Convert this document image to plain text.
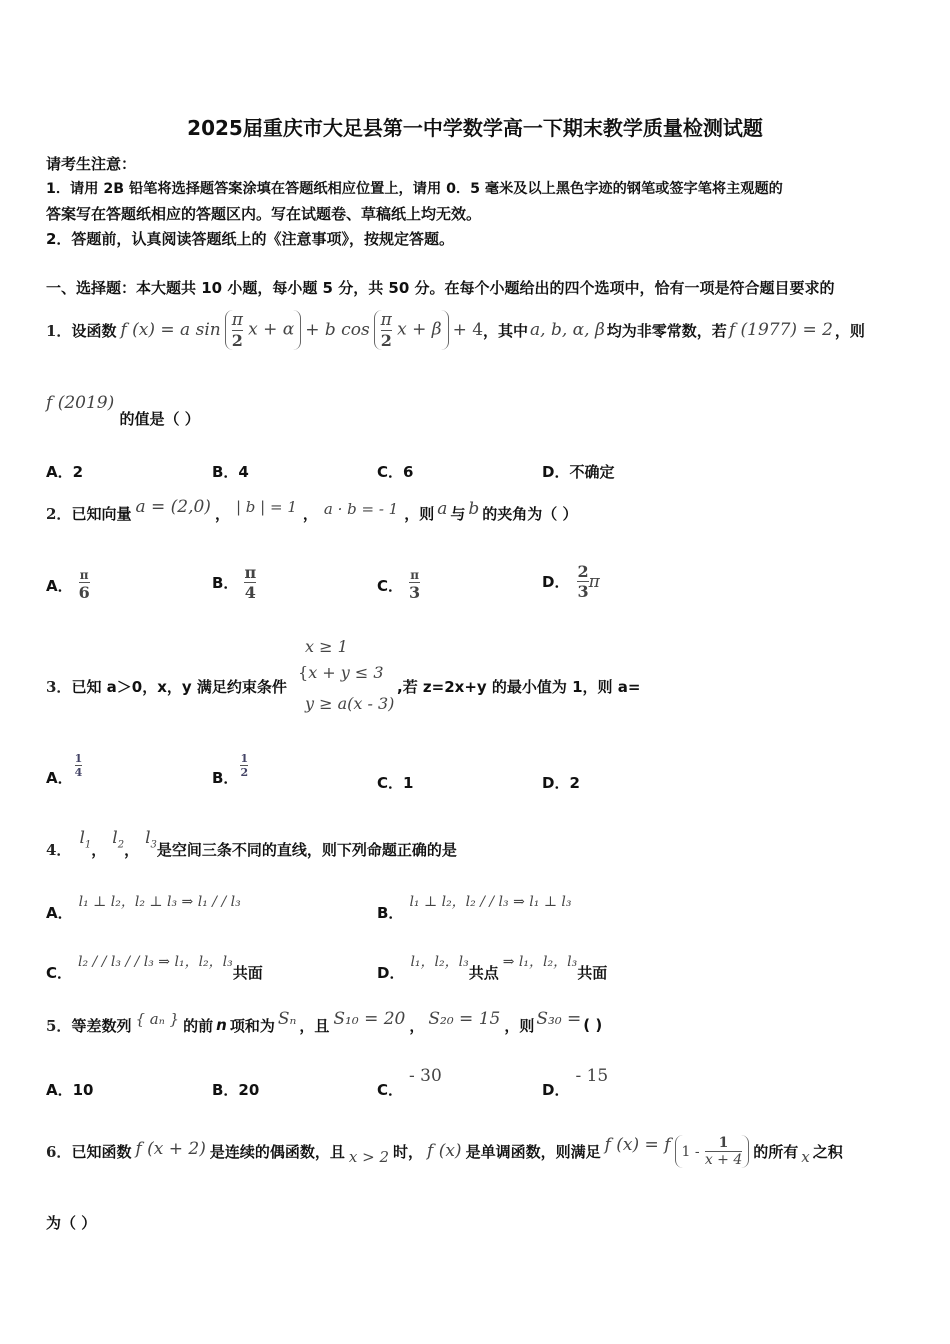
2025届重庆市大足县第一中学数学高一下期末教学质量检测试题
请考生注意：
1．请用 2B 铅笔将选择题答案涂填在答题纸相应位置上，请用 0．5 毫米及以上黑色字迹的钢笔或签字笔将主观题的
答案写在答题纸相应的答题区内。写在试题卷、草稿纸上均无效。
2．答题前，认真阅读答题纸上的《注意事项》，按规定答题。
一、选择题：本大题共 10 小题，每小题 5 分，共 50 分。在每个小题给出的四个选项中，恰有一项是符合题目要求的
1． 设函数 f (x) = a $\sin \frac{\pi}{2}$ x + α + b $\cos \frac{\pi}{2}$ x + β + 4 ，其中 a, b, α, β 均为非零常数，若 f (1977) = 2 ，则
f (2019) 的值是（ ）
A．2	B．4	C．6	D．不确定
2． 已知向量 a = (2,0) ， | b | = 1 ， a · b = - 1 ，则 a 与 b 的夹角为（ ）
A． $\frac{\pi}{6}$	B． $\frac{\pi}{4}$	C． $\frac{\pi}{3}$	D． $\frac{2}{3}$ π
x ≥ 1
{x + y ≤ 3
y ≥ a(x - 3)
3．已知 a＞0，x，y 满足约束条件	,若 z=2x+y 的最小值为 1，则 a=
A． $\frac{1}{4}$	B． $\frac{1}{2}$
C．1	D．2
4．
$l_1$ ，
$l_2$ ，
$l_3$ 是空间三条不同的直线，则下列命题正确的是
A．l₁ ⊥ l₂，l₂ ⊥ l₃ ⇒ l₁ / / l₃
B．l₁ ⊥ l₂，l₂ / / l₃ ⇒ l₁ ⊥ l₃
C．l₂ / / l₃ / / l₃ ⇒ l₁，l₂，l₃共面	D．l₁，l₂，l₃共点⇒ l₁，l₂，l₃共面
5． 等差数列 { aₙ } 的前 n 项和为 Sₙ ，且 S₁₀ = 20 ， S₂₀ = 15 ，则 S₃₀ = ( )
A．10	B．20	C．- 30
D．- 15
6． 已知函数 f (x + 2) 是连续的偶函数，且 x > 2 时， f (x) 是单调函数，则满足 f (x) = f $1 - \frac{1}{x + 4}$ 的所有 x 之积
为（ ）
